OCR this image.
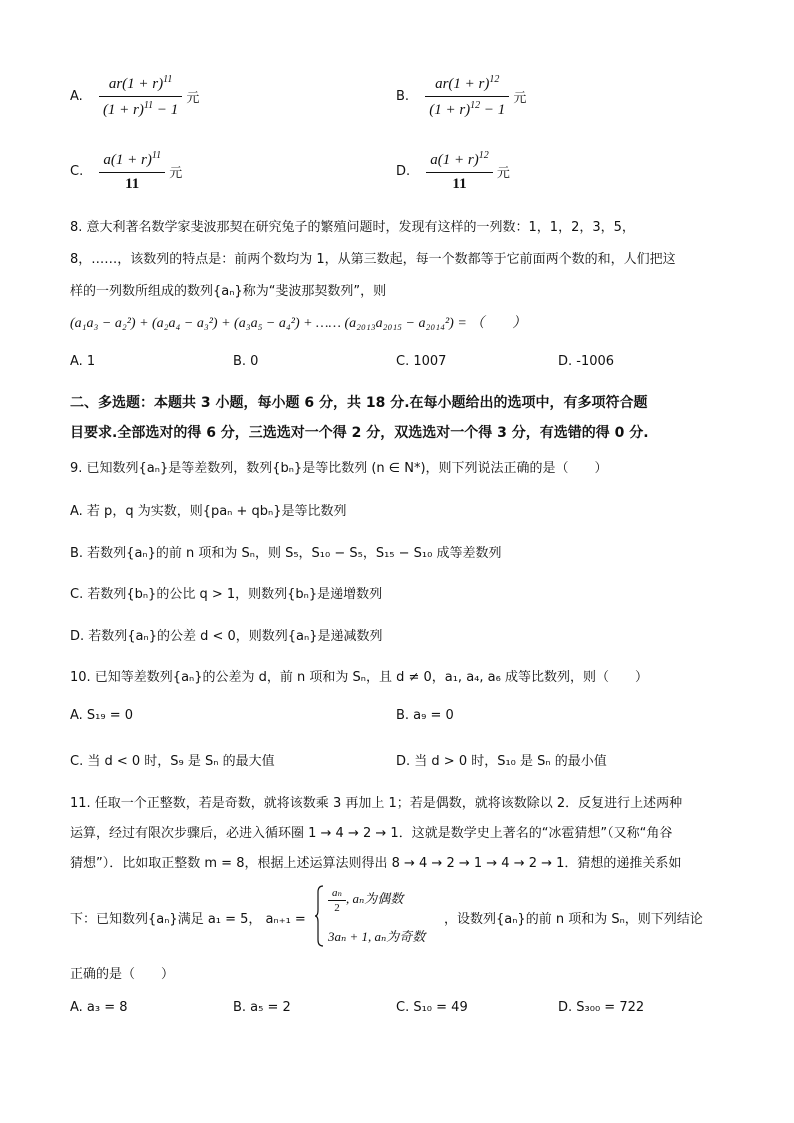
A. $\frac{ar(1 + r)^{11}}{(1 + r)^{11} - 1}$ 元	B. $\frac{ar(1 + r)^{12}}{(1 + r)^{12} - 1}$ 元
C. $\frac{a(1 + r)^{11}}{11}$ 元	D. $\frac{a(1 + r)^{12}}{11}$ 元
8. 意大利著名数学家斐波那契在研究兔子的繁殖问题时，发现有这样的一列数：1，1，2，3，5，
8，……，该数列的特点是：前两个数均为 1，从第三数起，每一个数都等于它前面两个数的和，人们把这
样的一列数所组成的数列{aₙ}称为“斐波那契数列”，则
(a₁a₃ − a₂²) + (a₂a₄ − a₃²) + (a₃a₅ − a₄²) + …… (a₂₀₁₃a₂₀₁₅ − a₂₀₁₄²) = （　　）
A. 1	B. 0	C. 1007	D. -1006
二、多选题：本题共 3 小题，每小题 6 分，共 18 分.在每小题给出的选项中，有多项符合题
目要求.全部选对的得 6 分，三选选对一个得 2 分，双选选对一个得 3 分，有选错的得 0 分.
9. 已知数列{aₙ}是等差数列，数列{bₙ}是等比数列 (n ∈ N*)，则下列说法正确的是（　　）
A. 若 p，q 为实数，则{paₙ + qbₙ}是等比数列
B. 若数列{aₙ}的前 n 项和为 Sₙ，则 S₅，S₁₀ − S₅，S₁₅ − S₁₀ 成等差数列
C. 若数列{bₙ}的公比 q > 1，则数列{bₙ}是递增数列
D. 若数列{aₙ}的公差 d < 0，则数列{aₙ}是递减数列
10. 已知等差数列{aₙ}的公差为 d，前 n 项和为 Sₙ，且 d ≠ 0，a₁, a₄, a₆ 成等比数列，则（　　）
A. S₁₉ = 0	B. a₉ = 0
C. 当 d < 0 时，S₉ 是 Sₙ 的最大值	D. 当 d > 0 时，S₁₀ 是 Sₙ 的最小值
11. 任取一个正整数，若是奇数，就将该数乘 3 再加上 1；若是偶数，就将该数除以 2．反复进行上述两种
运算，经过有限次步骤后，必进入循环圈 1 → 4 → 2 → 1．这就是数学史上著名的“冰雹猜想”（又称“角谷
猜想”）．比如取正整数 m = 8，根据上述运算法则得出 8 → 4 → 2 → 1 → 4 → 2 → 1．猜想的递推关系如
下：已知数列{aₙ}满足 a₁ = 5， aₙ₊₁ =
$\frac{\text{aₙ}}{2}$ , aₙ为偶数
3aₙ + 1, aₙ为奇数
，设数列{aₙ}的前 n 项和为 Sₙ，则下列结论
正确的是（　　）
A. a₃ = 8	B. a₅ = 2	C. S₁₀ = 49	D. S₃₀₀ = 722
